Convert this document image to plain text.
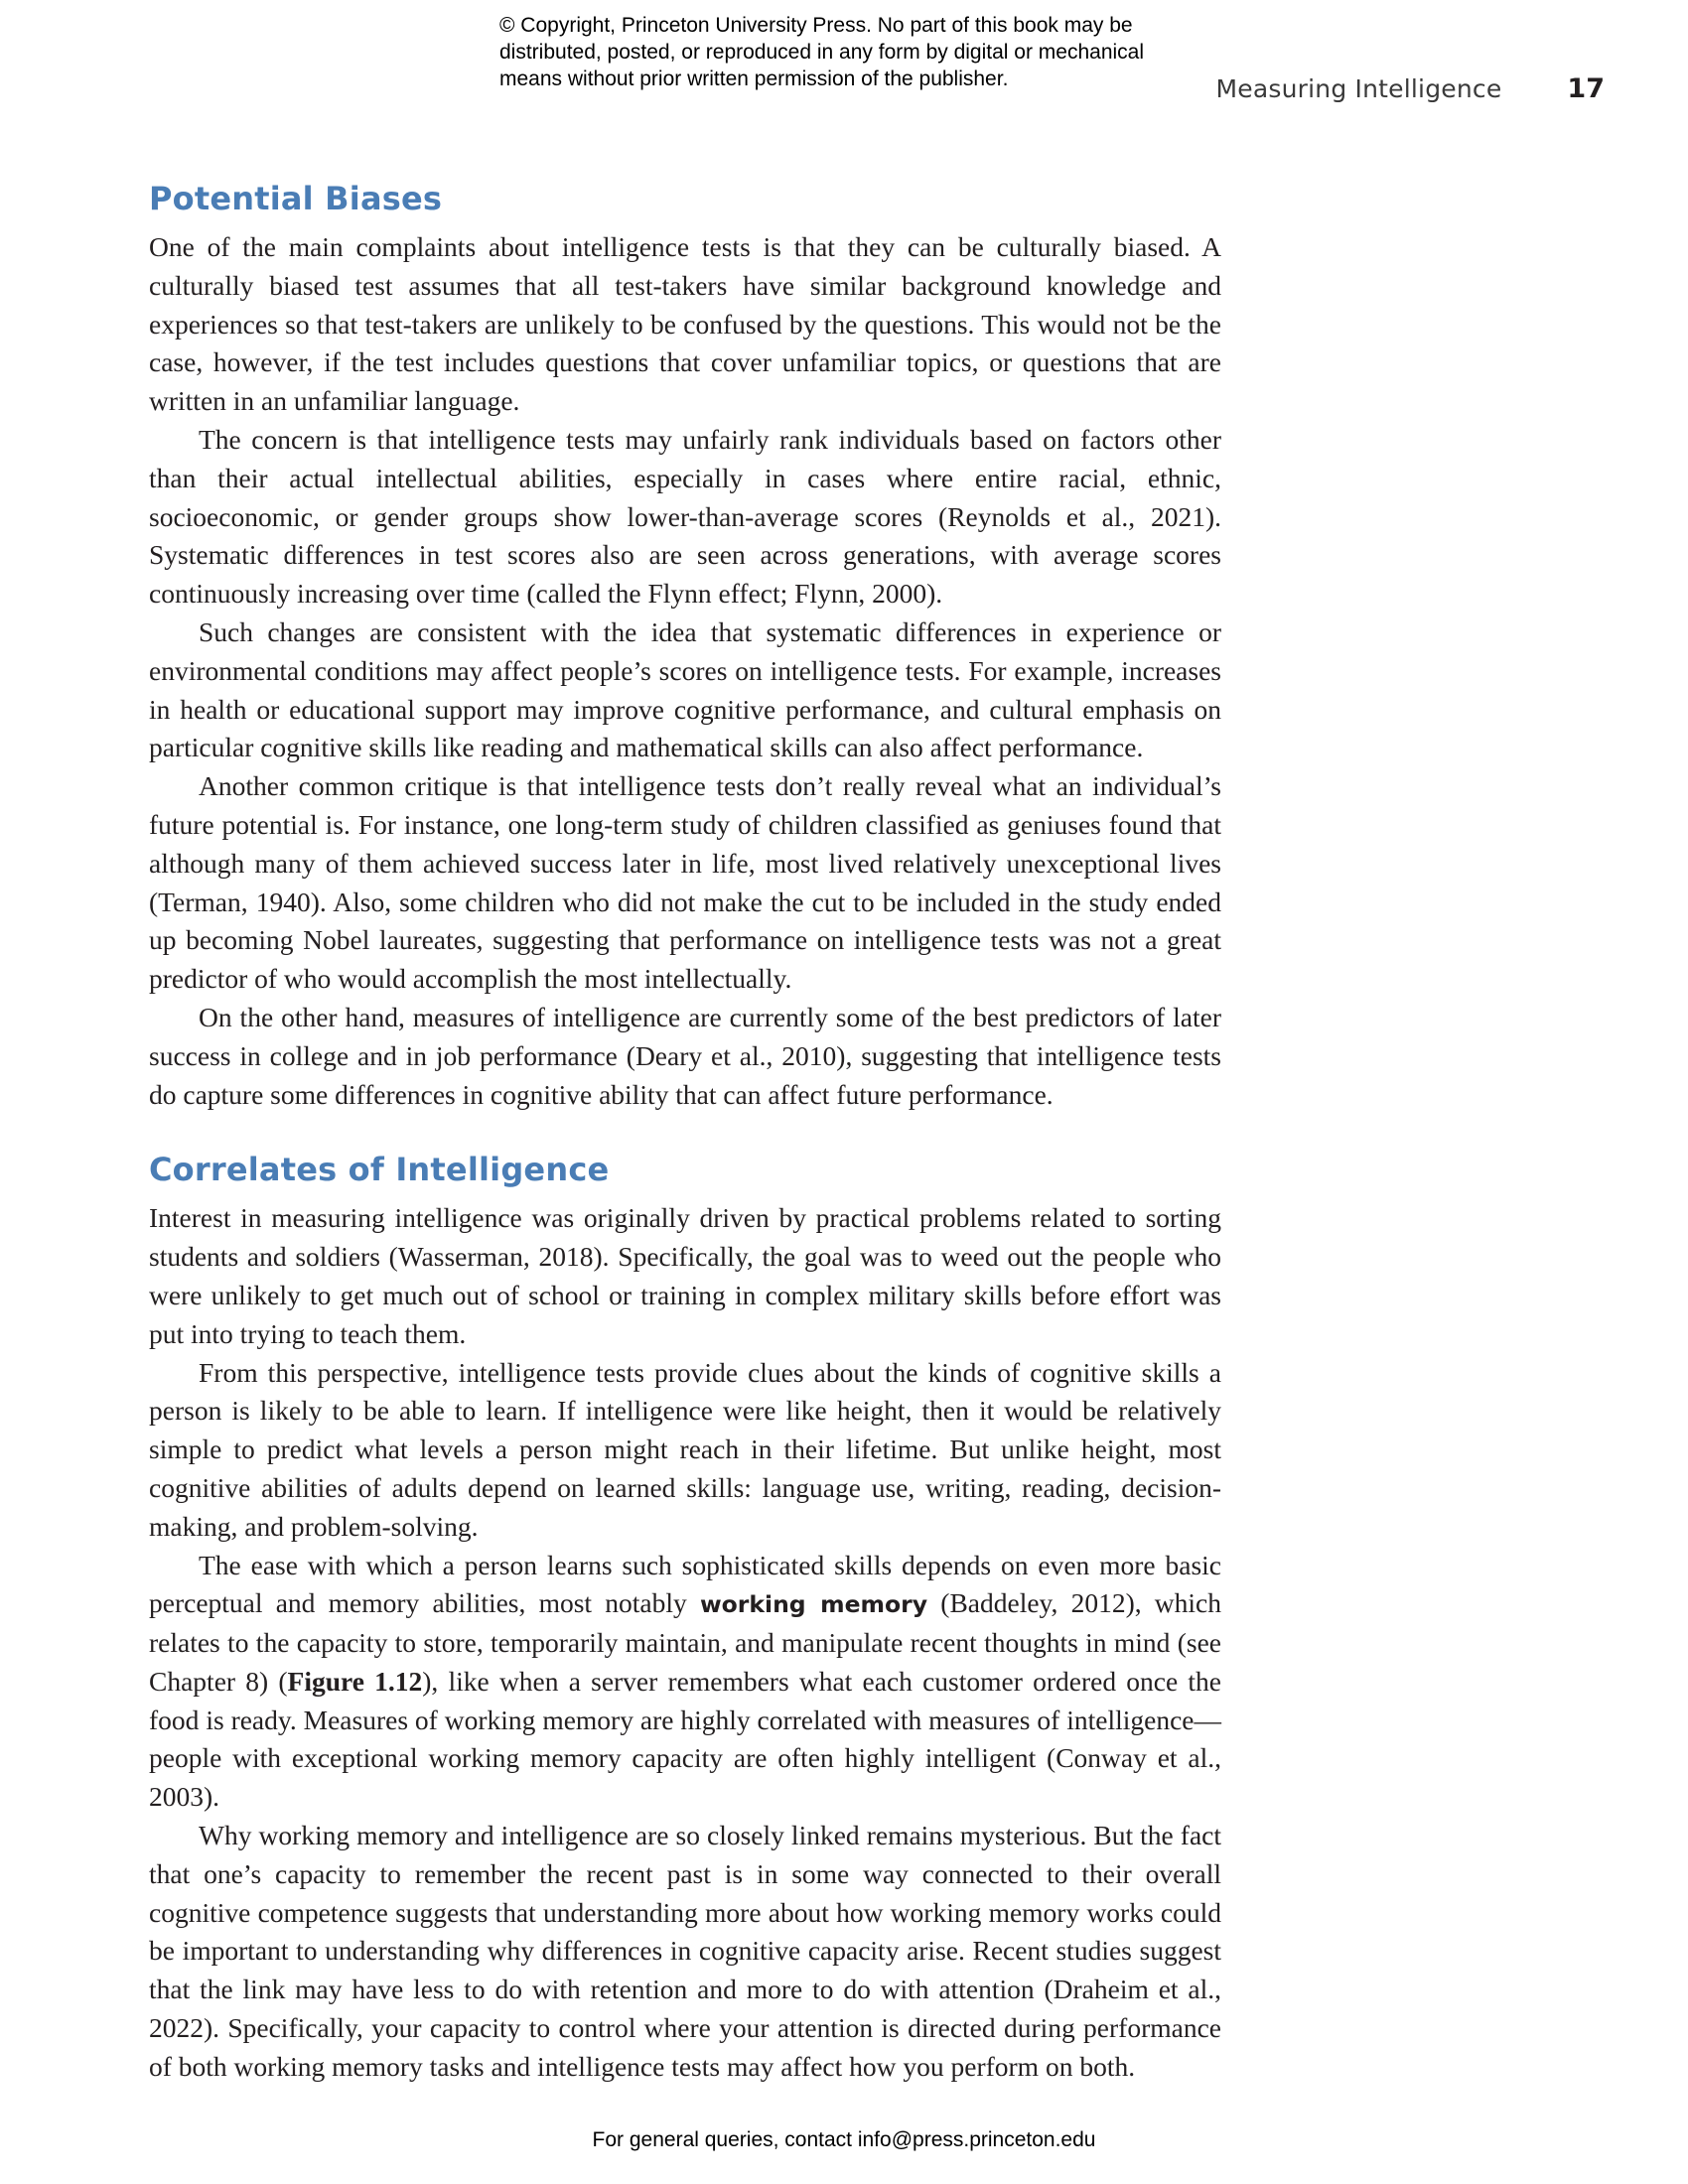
© Copyright, Princeton University Press. No part of this book may be
distributed, posted, or reproduced in any form by digital or mechanical
means without prior written permission of the publisher.	Measuring Intelligence 17
Potential Biases

One of the main complaints about intelligence tests is that they can be culturally biased. A culturally biased test assumes that all test-takers have similar background knowledge and experiences so that test-takers are unlikely to be confused by the questions. This would not be the case, however, if the test includes questions that cover unfamiliar topics, or questions that are written in an unfamiliar language.

The concern is that intelligence tests may unfairly rank individuals based on factors other than their actual intellectual abilities, especially in cases where entire racial, ethnic, socioeconomic, or gender groups show lower-than-average scores (Reynolds et al., 2021). Systematic differences in test scores also are seen across generations, with average scores continuously increasing over time (called the Flynn effect; Flynn, 2000).

Such changes are consistent with the idea that systematic differences in experience or environmental conditions may affect people’s scores on intelligence tests. For example, increases in health or educational support may improve cognitive performance, and cultural emphasis on particular cognitive skills like reading and mathematical skills can also affect performance.

Another common critique is that intelligence tests don’t really reveal what an individual’s future potential is. For instance, one long-term study of children classified as geniuses found that although many of them achieved success later in life, most lived relatively unexceptional lives (Terman, 1940). Also, some children who did not make the cut to be included in the study ended up becoming Nobel laureates, suggesting that performance on intelligence tests was not a great predictor of who would accomplish the most intellectually.

On the other hand, measures of intelligence are currently some of the best predictors of later success in college and in job performance (Deary et al., 2010), suggesting that intelligence tests do capture some differences in cognitive ability that can affect future performance.

Correlates of Intelligence

Interest in measuring intelligence was originally driven by practical problems related to sorting students and soldiers (Wasserman, 2018). Specifically, the goal was to weed out the people who were unlikely to get much out of school or training in complex military skills before effort was put into trying to teach them.

From this perspective, intelligence tests provide clues about the kinds of cognitive skills a person is likely to be able to learn. If intelligence were like height, then it would be relatively simple to predict what levels a person might reach in their lifetime. But unlike height, most cognitive abilities of adults depend on learned skills: language use, writing, reading, decision-making, and problem-solving.

The ease with which a person learns such sophisticated skills depends on even more basic perceptual and memory abilities, most notably working memory (Baddeley, 2012), which relates to the capacity to store, temporarily maintain, and manipulate recent thoughts in mind (see Chapter 8) (Figure 1.12), like when a server remembers what each customer ordered once the food is ready. Measures of working memory are highly correlated with measures of intelligence—people with exceptional working memory capacity are often highly intelligent (Conway et al., 2003).

Why working memory and intelligence are so closely linked remains mysterious. But the fact that one’s capacity to remember the recent past is in some way connected to their overall cognitive competence suggests that understanding more about how working memory works could be important to understanding why differences in cognitive capacity arise. Recent studies suggest that the link may have less to do with retention and more to do with attention (Draheim et al., 2022). Specifically, your capacity to control where your attention is directed during performance of both working memory tasks and intelligence tests may affect how you perform on both.

For general queries, contact info@press.princeton.edu
